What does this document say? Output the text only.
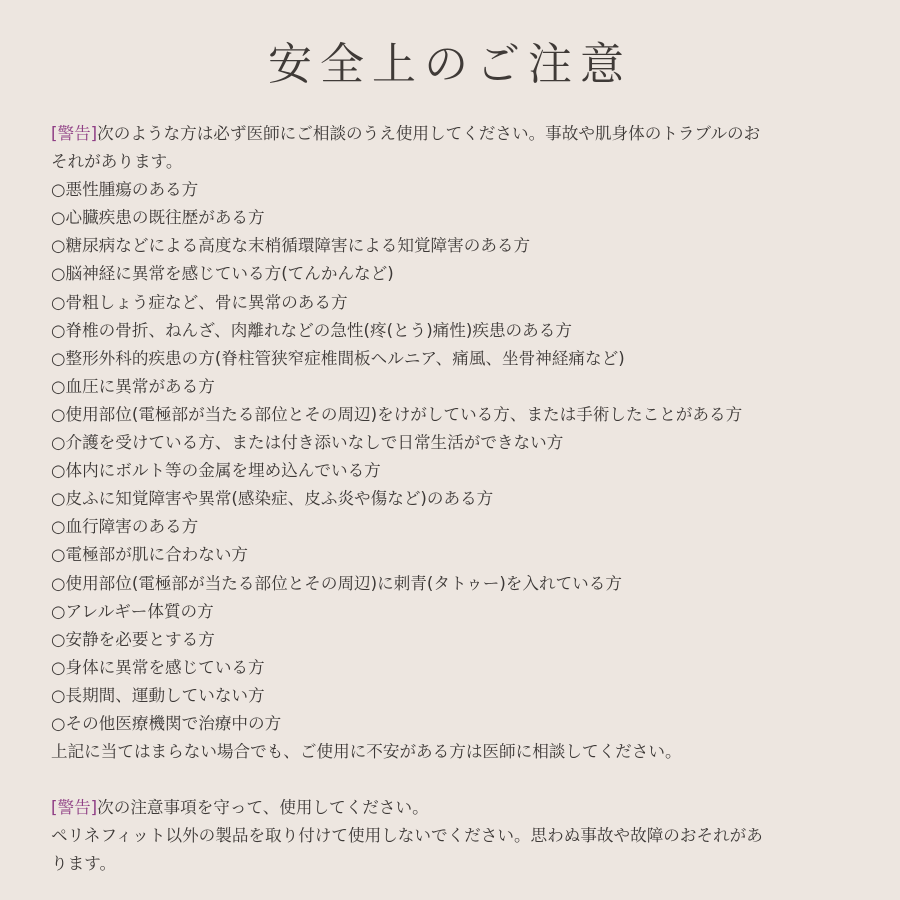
安全上のご注意

[警告]次のような方は必ず医師にご相談のうえ使用してください。事故や肌身体のトラブルのお

それがあります。

○悪性腫瘍のある方

○心臓疾患の既往歴がある方

○糖尿病などによる高度な末梢循環障害による知覚障害のある方

○脳神経に異常を感じている方(てんかんなど)

○骨粗しょう症など、骨に異常のある方

○脊椎の骨折、ねんざ、肉離れなどの急性(疼(とう)痛性)疾患のある方

○整形外科的疾患の方(脊柱管狭窄症椎間板ヘルニア、痛風、坐骨神経痛など)

○血圧に異常がある方

○使用部位(電極部が当たる部位とその周辺)をけがしている方、または手術したことがある方

○介護を受けている方、または付き添いなしで日常生活ができない方

○体内にボルト等の金属を埋め込んでいる方

○皮ふに知覚障害や異常(感染症、皮ふ炎や傷など)のある方

○血行障害のある方

○電極部が肌に合わない方

○使用部位(電極部が当たる部位とその周辺)に刺青(タトゥー)を入れている方

○アレルギー体質の方

○安静を必要とする方

○身体に異常を感じている方

○長期間、運動していない方

○その他医療機関で治療中の方

上記に当てはまらない場合でも、ご使用に不安がある方は医師に相談してください。

[警告]次の注意事項を守って、使用してください。

ペリネフィット以外の製品を取り付けて使用しないでください。思わぬ事故や故障のおそれがあ

ります。
